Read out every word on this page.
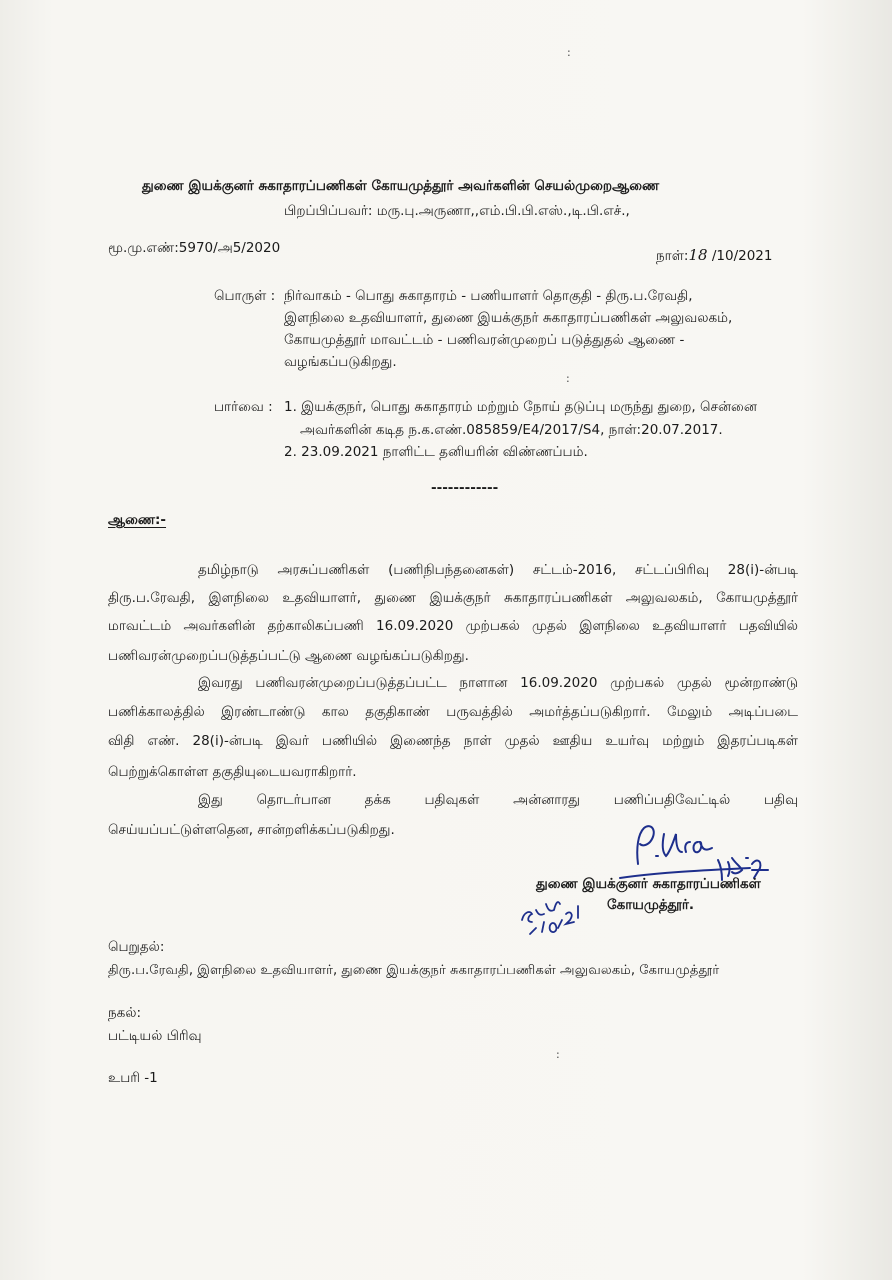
:
:
:
துணை இயக்குனர் சுகாதாரப்பணிகள் கோயமுத்தூர் அவர்களின் செயல்முறைஆணை
பிறப்பிப்பவர்: மரு.பு.அருணா,,எம்.பி.பி.எஸ்.,டி.பி.எச்.,
மூ.மு.எண்:5970/அ5/2020	நாள்:18 /10/2021
பொருள் : நிர்வாகம் - பொது சுகாதாரம் - பணியாளர் தொகுதி - திரு.ப.ரேவதி,
இளநிலை உதவியாளர், துணை இயக்குநர் சுகாதாரப்பணிகள் அலுவலகம்,
கோயமுத்தூர் மாவட்டம் - பணிவரன்முறைப் படுத்துதல் ஆணை -
வழங்கப்படுகிறது.
பார்வை : 1. இயக்குநர், பொது சுகாதாரம் மற்றும் நோய் தடுப்பு மருந்து துறை, சென்னை
அவர்களின் கடித ந.க.எண்.085859/E4/2017/S4, நாள்:20.07.2017.
2. 23.09.2021 நாளிட்ட தனியரின் விண்ணப்பம்.
------------
ஆணை:-
தமிழ்நாடு அரசுப்பணிகள் (பணிநிபந்தனைகள்) சட்டம்-2016, சட்டப்பிரிவு 28(i)-ன்படி
திரு.ப.ரேவதி, இளநிலை உதவியாளர், துணை இயக்குநர் சுகாதாரப்பணிகள் அலுவலகம், கோயமுத்தூர்
மாவட்டம் அவர்களின் தற்காலிகப்பணி 16.09.2020 முற்பகல் முதல் இளநிலை உதவியாளர் பதவியில்
பணிவரன்முறைப்படுத்தப்பட்டு ஆணை வழங்கப்படுகிறது.
இவரது பணிவரன்முறைப்படுத்தப்பட்ட நாளான 16.09.2020 முற்பகல் முதல் மூன்றாண்டு
பணிக்காலத்தில் இரண்டாண்டு கால தகுதிகாண் பருவத்தில் அமர்த்தப்படுகிறார். மேலும் அடிப்படை
விதி எண். 28(i)-ன்படி இவர் பணியில் இணைந்த நாள் முதல் ஊதிய உயர்வு மற்றும் இதரப்படிகள்
பெற்றுக்கொள்ள தகுதியுடையவராகிறார்.
இது தொடர்பான தக்க பதிவுகள் அன்னாரது பணிப்பதிவேட்டில் பதிவு
செய்யப்பட்டுள்ளதென, சான்றளிக்கப்படுகிறது.
துணை இயக்குனர் சுகாதாரப்பணிகள்
கோயமுத்தூர்.
பெறுதல்:
திரு.ப.ரேவதி, இளநிலை உதவியாளர், துணை இயக்குநர் சுகாதாரப்பணிகள் அலுவலகம், கோயமுத்தூர்
நகல்:
பட்டியல் பிரிவு
உபரி -1
